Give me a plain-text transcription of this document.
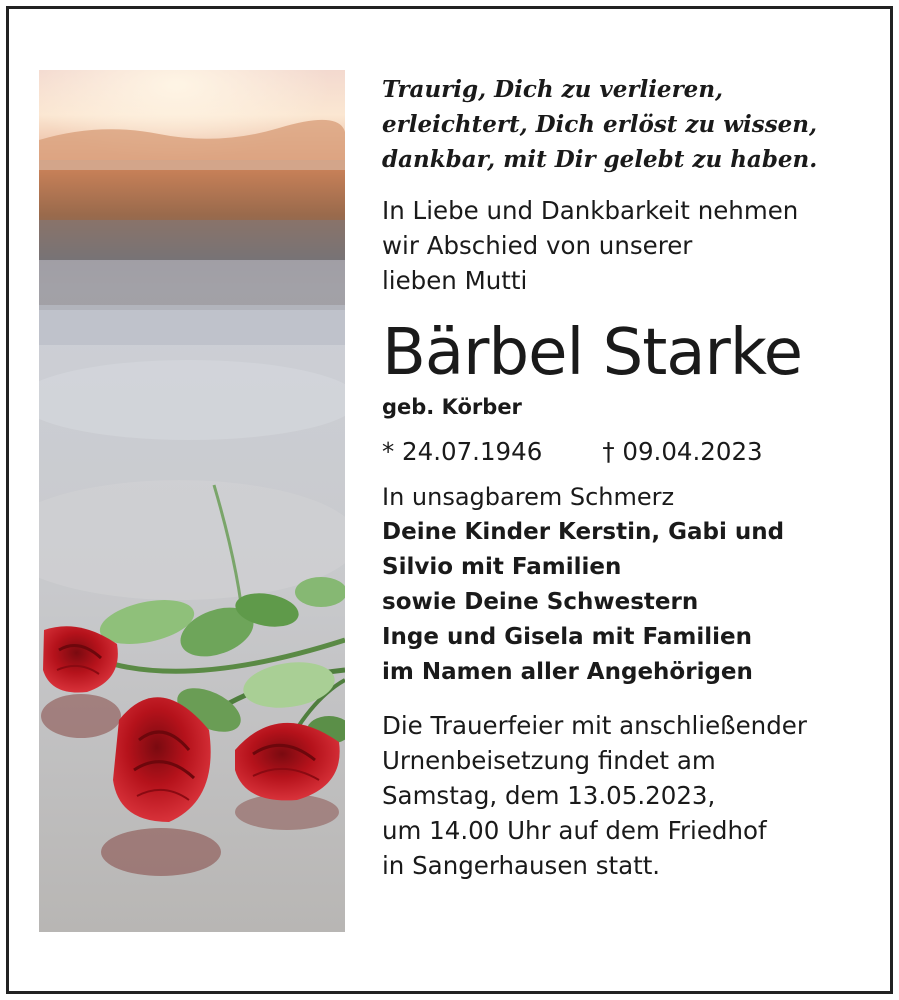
Traurig, Dich zu verlieren,
erleichtert, Dich erlöst zu wissen,
dankbar, mit Dir gelebt zu haben.
In Liebe und Dankbarkeit nehmen
wir Abschied von unserer
lieben Mutti
Bärbel Starke
geb. Körber
* 24.07.1946 † 09.04.2023
In unsagbarem Schmerz
Deine Kinder Kerstin, Gabi und
Silvio mit Familien
sowie Deine Schwestern
Inge und Gisela mit Familien
im Namen aller Angehörigen
Die Trauerfeier mit anschließender
Urnenbeisetzung findet am
Samstag, dem 13.05.2023,
um 14.00 Uhr auf dem Friedhof
in Sangerhausen statt.
